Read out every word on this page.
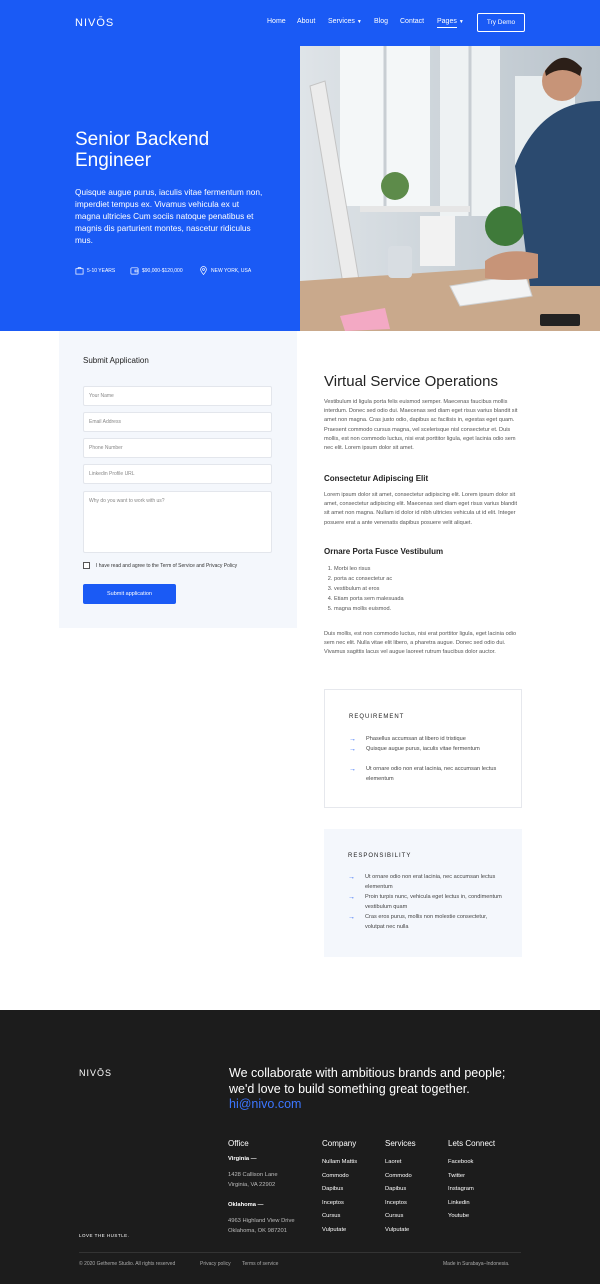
NIVŌS	Home About Services ▼ Blog Contact Pages ▼	Try Demo
Senior Backend Engineer

Quisque augue purus, iaculis vitae fermentum non, imperdiet tempus ex. Vivamus vehicula ex ut magna ultricies Cum sociis natoque penatibus et magnis dis parturient montes, nascetur ridiculus mus.

5-10 YEARS	$90,000-$120,000	NEW YORK, USA
Submit Application
Your Name
Email Address
Phone Number
Linkedin Profile URL
Why do you want to work with us?
I have read and agree to the Term of Service and Privacy Policy
Submit application
Virtual Service Operations

Vestibulum id ligula porta felis euismod semper. Maecenas faucibus mollis interdum. Donec sed odio dui. Maecenas sed diam eget risus varius blandit sit amet non magna. Cras justo odio, dapibus ac facilisis in, egestas eget quam. Praesent commodo cursus magna, vel scelerisque nisl consectetur et. Duis mollis, est non commodo luctus, nisi erat porttitor ligula, eget lacinia odio sem nec elit. Lorem ipsum dolor sit amet.

Consectetur Adipiscing Elit

Lorem ipsum dolor sit amet, consectetur adipiscing elit. Lorem ipsum dolor sit amet, consectetur adipiscing elit. Maecenas sed diam eget risus varius blandit sit amet non magna. Nullam id dolor id nibh ultricies vehicula ut id elit. Integer posuere erat a ante venenatis dapibus posuere velit aliquet.

Ornare Porta Fusce Vestibulum
1. Morbi leo risus
2. porta ac consectetur ac
3. vestibulum at eros
4. Etiam porta sem malesuada
5. magna mollis euismod.

Duis mollis, est non commodo luctus, nisi erat porttitor ligula, eget lacinia odio sem nec elit. Nulla vitae elit libero, a pharetra augue. Donec sed odio dui. Vivamus sagittis lacus vel augue laoreet rutrum faucibus dolor auctor.

REQUIREMENT
→	Phasellus accumsan at libero id tristique
→	Quisque augue purus, iaculis vitae fermentum
→	Ut ornare odio non erat lacinia, nec accumsan lectus elementum
RESPONSIBILITY
→	Ut ornare odio non erat lacinia, nec accumsan lectus elementum
→	Proin turpis nunc, vehicula eget lectus in, condimentum vestibulum quam
→	Cras eros purus, mollis non molestie consectetur, volutpat nec nulla
NIVŌS
LOVE THE HUSTLE.
We collaborate with ambitious brands and people; we'd love to build something great together.
hi@nivo.com
Office
Virginia —
1428 Callison Lane
Virginia, VA 22902
Oklahoma —
4963 Highland View Drive
Oklahoma, OK 987201
Company
Nullam Mattis
Commodo
Dapibus
Inceptos
Cursus
Vulputate
Services
Laoret
Commodo
Dapibus
Inceptos
Cursus
Vulputate
Lets Connect
Facebook
Twitter
Instagram
Linkedin
Youtube
© 2020 Gethemе Studio. All rights reserved	Privacy policy Terms of service	Made in Surabaya–Indonesia.
